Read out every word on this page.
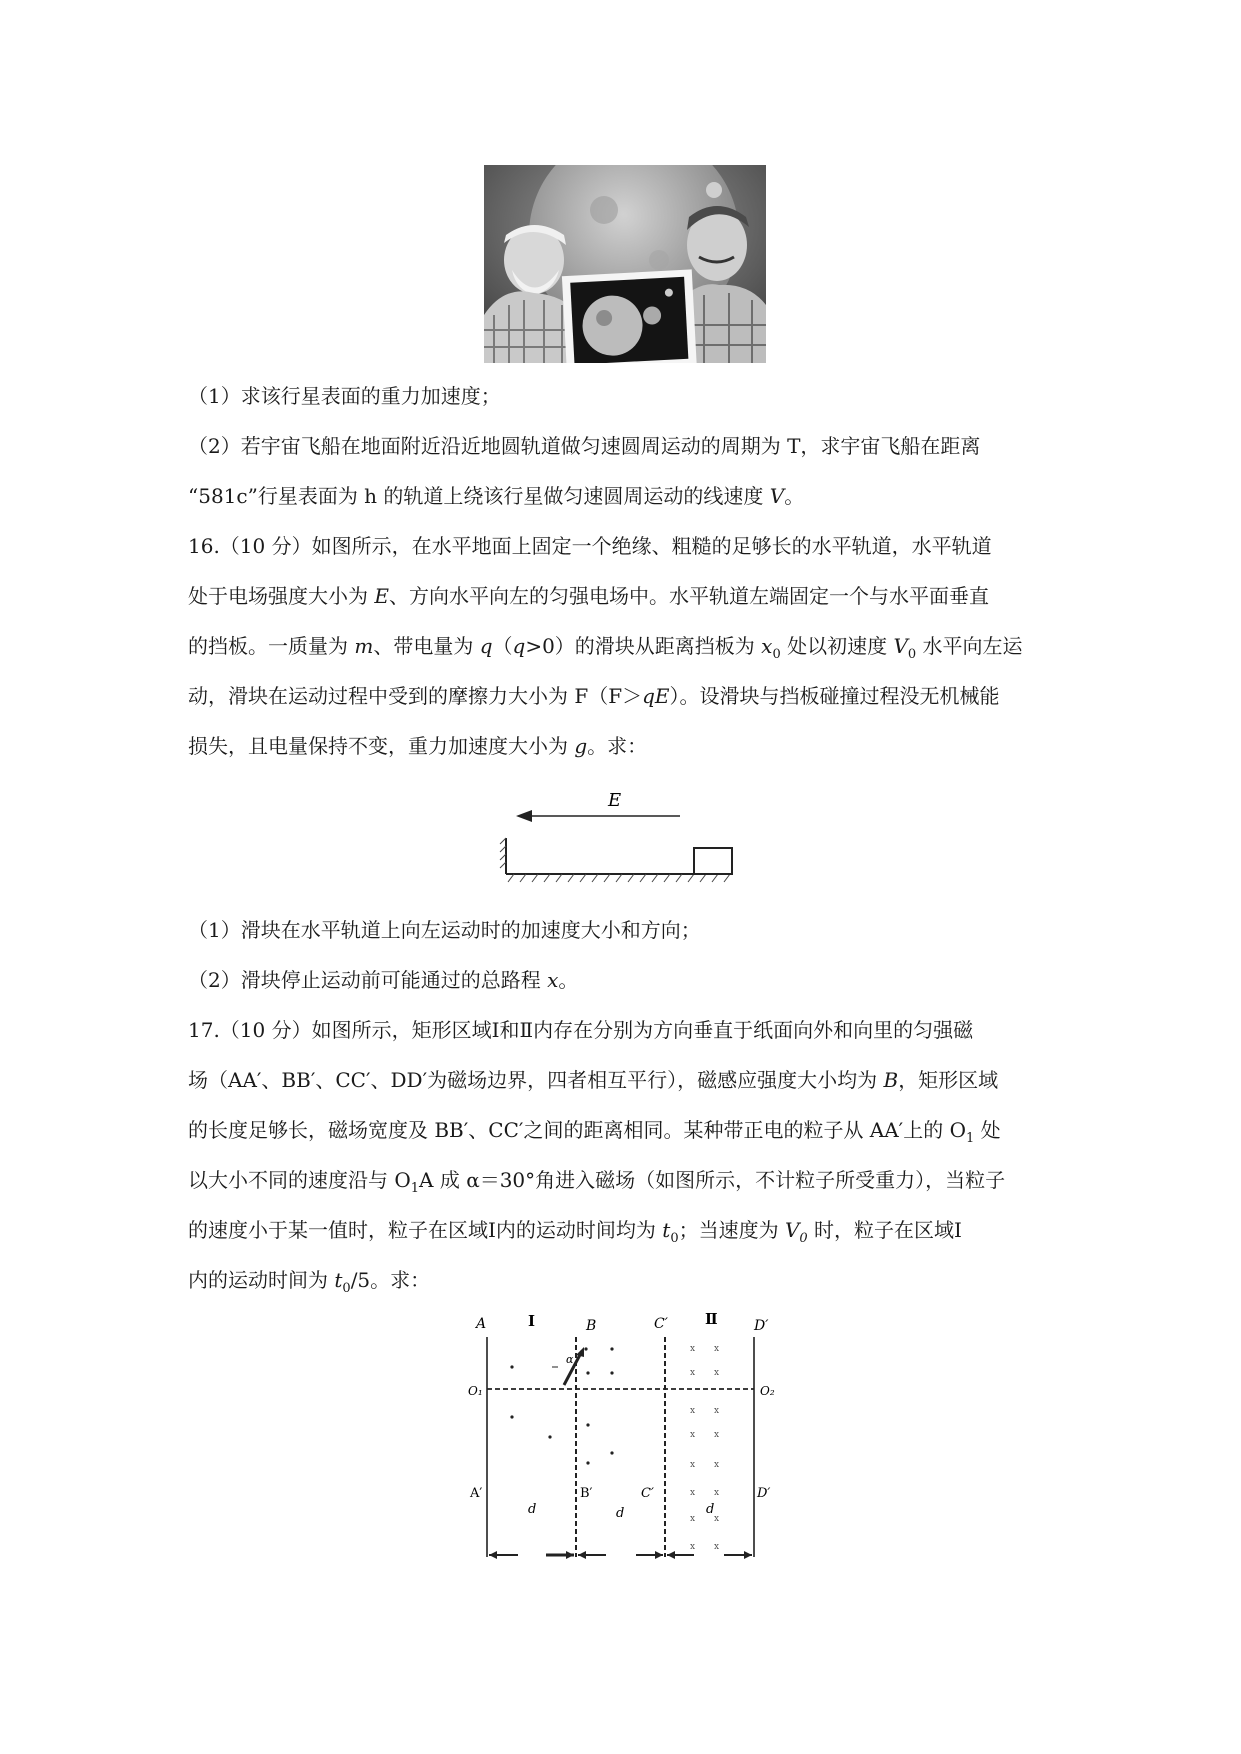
（1）求该行星表面的重力加速度；
（2）若宇宙飞船在地面附近沿近地圆轨道做匀速圆周运动的周期为 T，求宇宙飞船在距离
“581c”行星表面为 h 的轨道上绕该行星做匀速圆周运动的线速度 V。
16.（10 分）如图所示，在水平地面上固定一个绝缘、粗糙的足够长的水平轨道，水平轨道
处于电场强度大小为 E、方向水平向左的匀强电场中。水平轨道左端固定一个与水平面垂直
的挡板。一质量为 m、带电量为 q（q>0）的滑块从距离挡板为 $x_0$ 处以初速度 $V_0$ 水平向左运
动，滑块在运动过程中受到的摩擦力大小为 F（F＞qE）。设滑块与挡板碰撞过程没无机械能
损失，且电量保持不变，重力加速度大小为 g。求：
E
（1）滑块在水平轨道上向左运动时的加速度大小和方向；
（2）滑块停止运动前可能通过的总路程 x。
17.（10 分）如图所示，矩形区域Ⅰ和Ⅱ内存在分别为方向垂直于纸面向外和向里的匀强磁
场（AA′、BB′、CC′、DD′为磁场边界，四者相互平行），磁感应强度大小均为 B，矩形区域
的长度足够长，磁场宽度及 BB′、CC′之间的距离相同。某种带正电的粒子从 AA′上的 $O_1$ 处
以大小不同的速度沿与 $O_1A$ 成 α＝30°角进入磁场（如图所示，不计粒子所受重力），当粒子
的速度小于某一值时，粒子在区域Ⅰ内的运动时间均为 $t_0$；当速度为 $V_0$ 时，粒子在区域Ⅰ
内的运动时间为 $t_0/5$。求：
A	Ⅰ	B	C′ Ⅱ	D′
O₁	O₂
x x
x x
x x
x x
x x
x x
x x
x x
α
A′	B′	C′	D′
d	d	d
